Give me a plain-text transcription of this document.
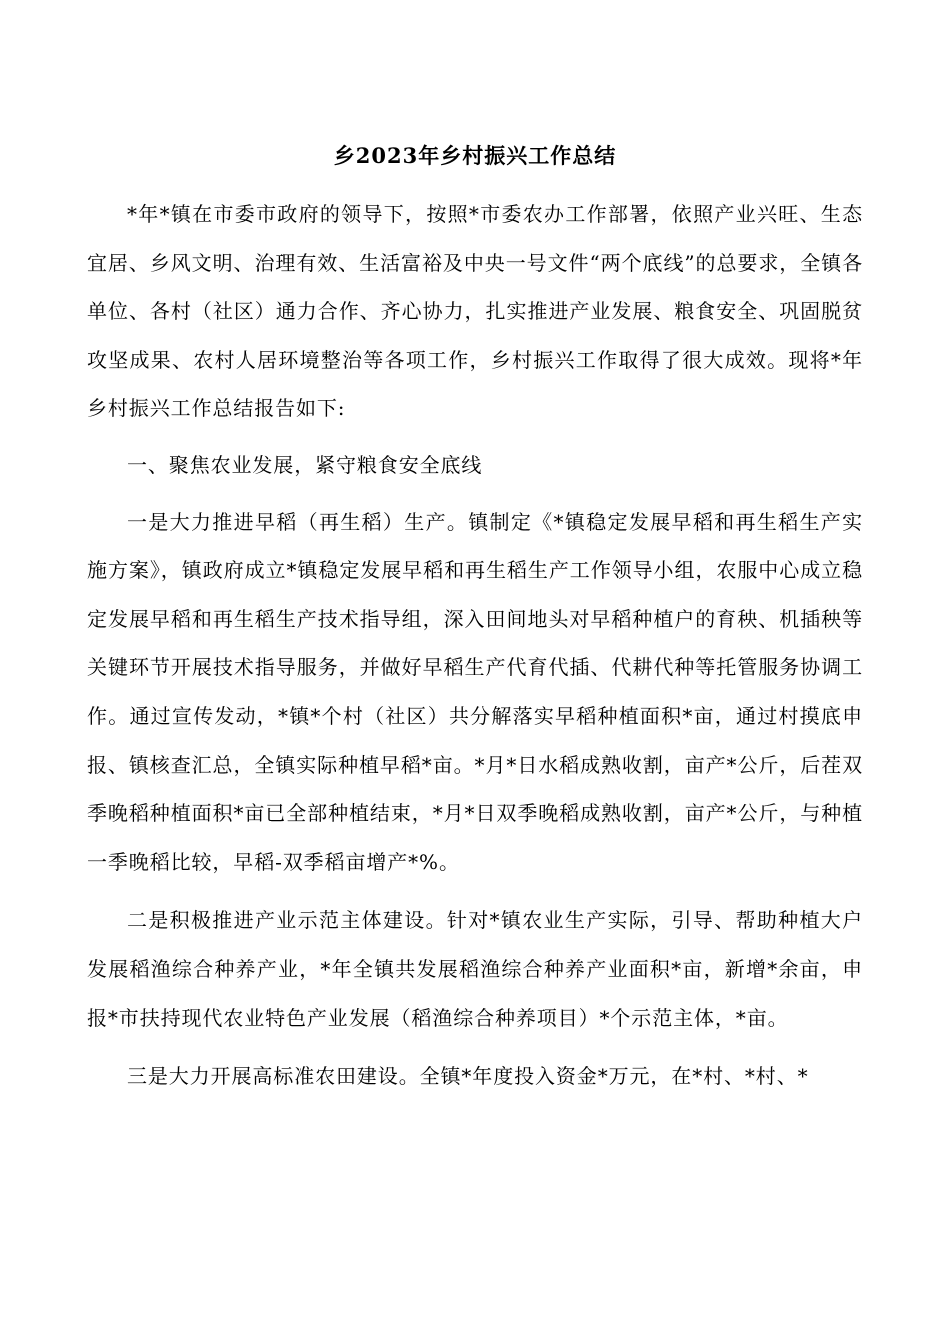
乡2023年乡村振兴工作总结

*年*镇在市委市政府的领导下，按照*市委农办工作部署，依照产业兴旺、生态宜居、乡风文明、治理有效、生活富裕及中央一号文件“两个底线”的总要求，全镇各单位、各村（社区）通力合作、齐心协力，扎实推进产业发展、粮食安全、巩固脱贫攻坚成果、农村人居环境整治等各项工作，乡村振兴工作取得了很大成效。现将*年乡村振兴工作总结报告如下:

一、聚焦农业发展，紧守粮食安全底线

一是大力推进早稻（再生稻）生产。镇制定《*镇稳定发展早稻和再生稻生产实施方案》，镇政府成立*镇稳定发展早稻和再生稻生产工作领导小组，农服中心成立稳定发展早稻和再生稻生产技术指导组，深入田间地头对早稻种植户的育秧、机插秧等关键环节开展技术指导服务，并做好早稻生产代育代插、代耕代种等托管服务协调工作。通过宣传发动，*镇*个村（社区）共分解落实早稻种植面积*亩，通过村摸底申报、镇核查汇总，全镇实际种植早稻*亩。*月*日水稻成熟收割，亩产*公斤，后茬双季晚稻种植面积*亩已全部种植结束，*月*日双季晚稻成熟收割，亩产*公斤，与种植一季晚稻比较，早稻-双季稻亩增产*%。

二是积极推进产业示范主体建设。针对*镇农业生产实际，引导、帮助种植大户发展稻渔综合种养产业，*年全镇共发展稻渔综合种养产业面积*亩，新增*余亩，申报*市扶持现代农业特色产业发展（稻渔综合种养项目）*个示范主体，*亩。

三是大力开展高标准农田建设。全镇*年度投入资金*万元，在*村、*村、*
